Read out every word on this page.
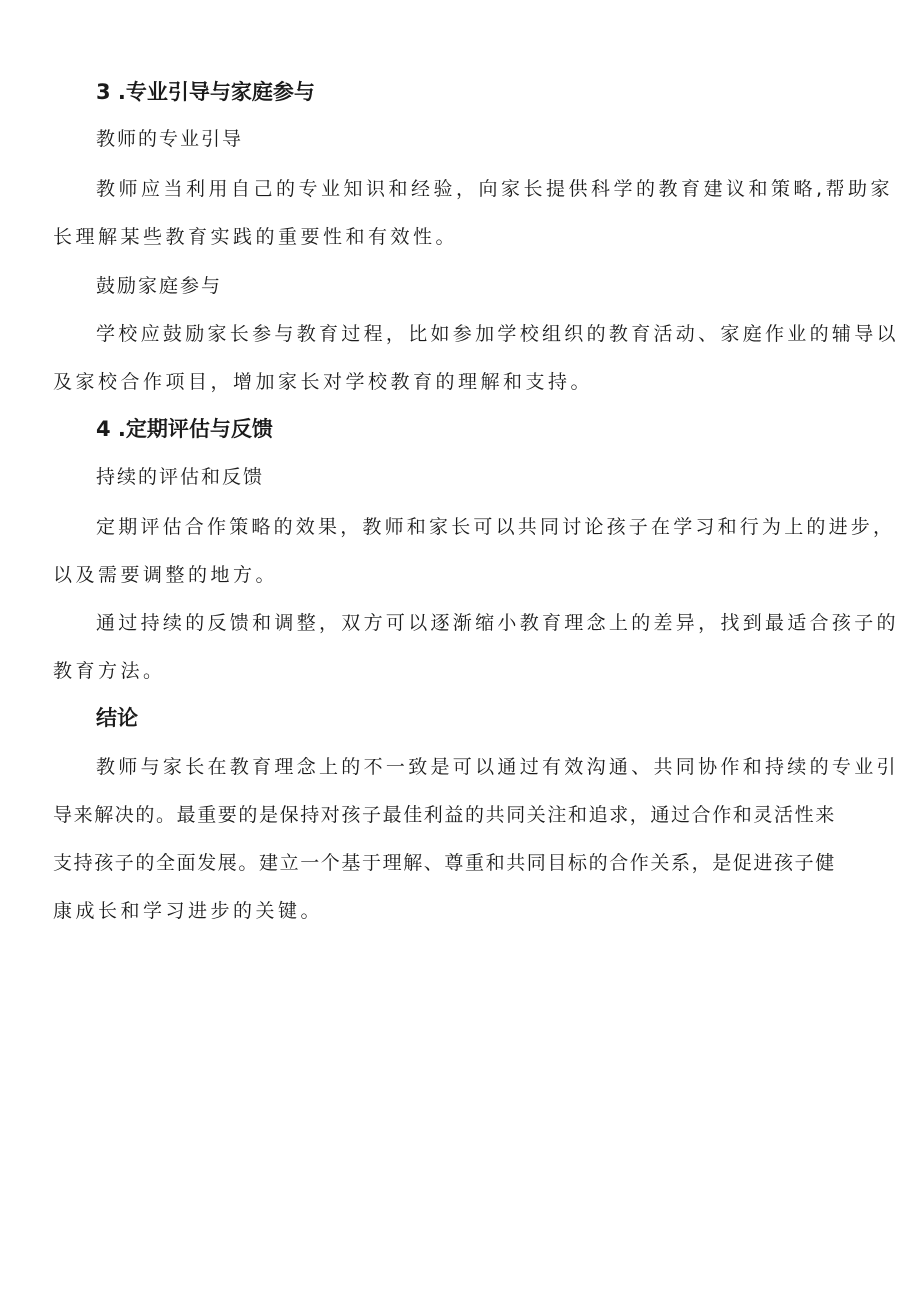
3 .专业引导与家庭参与
教师的专业引导
教师应当利用自己的专业知识和经验，向家长提供科学的教育建议和策略,帮助家
长理解某些教育实践的重要性和有效性。
鼓励家庭参与
学校应鼓励家长参与教育过程，比如参加学校组织的教育活动、家庭作业的辅导以
及家校合作项目，增加家长对学校教育的理解和支持。
4 .定期评估与反馈
持续的评估和反馈
定期评估合作策略的效果，教师和家长可以共同讨论孩子在学习和行为上的进步，
以及需要调整的地方。
通过持续的反馈和调整，双方可以逐渐缩小教育理念上的差异，找到最适合孩子的
教育方法。
结论
教师与家长在教育理念上的不一致是可以通过有效沟通、共同协作和持续的专业引
导来解决的。最重要的是保持对孩子最佳利益的共同关注和追求，通过合作和灵活性来
支持孩子的全面发展。建立一个基于理解、尊重和共同目标的合作关系，是促进孩子健
康成长和学习进步的关键。
